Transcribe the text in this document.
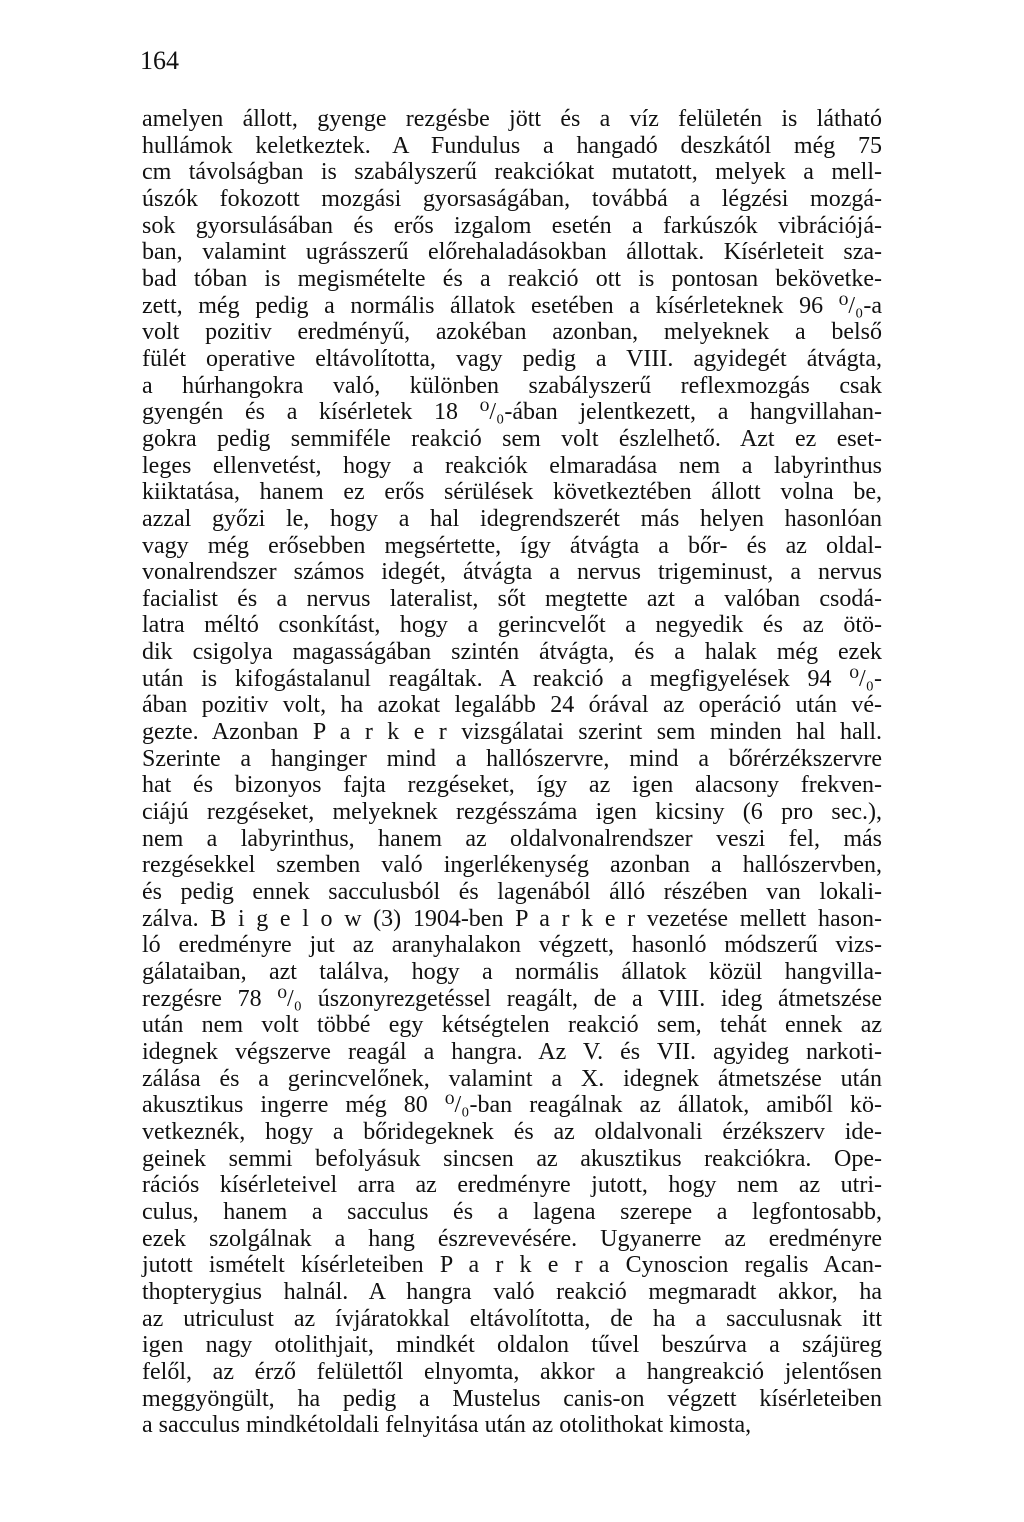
164
amelyen állott, gyenge rezgésbe jött és a víz felületén is látható
hullámok keletkeztek. A Fundulus a hangadó deszkától még 75
cm távolságban is szabályszerű reakciókat mutatott, melyek a mell-
úszók fokozott mozgási gyorsaságában, továbbá a légzési mozgá-
sok gyorsulásában és erős izgalom esetén a farkúszók vibrációjá-
ban, valamint ugrásszerű előrehaladásokban állottak. Kísérleteit sza-
bad tóban is megismételte és a reakció ott is pontosan bekövetke-
zett, még pedig a normális állatok esetében a kísérleteknek 96 ⁰/₀-a
volt pozitiv eredményű, azokéban azonban, melyeknek a belső
fülét operative eltávolította, vagy pedig a VIII. agyidegét átvágta,
a húrhangokra való, különben szabályszerű reflexmozgás csak
gyengén és a kísérletek 18 ⁰/₀-ában jelentkezett, a hangvillahan-
gokra pedig semmiféle reakció sem volt észlelhető. Azt ez eset-
leges ellenvetést, hogy a reakciók elmaradása nem a labyrinthus
kiiktatása, hanem ez erős sérülések következtében állott volna be,
azzal győzi le, hogy a hal idegrendszerét más helyen hasonlóan
vagy még erősebben megsértette, így átvágta a bőr- és az oldal-
vonalrendszer számos idegét, átvágta a nervus trigeminust, a nervus
facialist és a nervus lateralist, sőt megtette azt a valóban csodá-
latra méltó csonkítást, hogy a gerincvelőt a negyedik és az ötö-
dik csigolya magasságában szintén átvágta, és a halak még ezek
után is kifogástalanul reagáltak. A reakció a megfigyelések 94 ⁰/₀-
ában pozitiv volt, ha azokat legalább 24 órával az operáció után vé-
gezte. Azonban P a r k e r vizsgálatai szerint sem minden hal hall.
Szerinte a hanginger mind a hallószervre, mind a bőrérzékszervre
hat és bizonyos fajta rezgéseket, így az igen alacsony frekven-
ciájú rezgéseket, melyeknek rezgésszáma igen kicsiny (6 pro sec.),
nem a labyrinthus, hanem az oldalvonalrendszer veszi fel, más
rezgésekkel szemben való ingerlékenység azonban a hallószervben,
és pedig ennek sacculusból és lagenából álló részében van lokali-
zálva. B i g e l o w (3) 1904-ben P a r k e r vezetése mellett hason-
ló eredményre jut az aranyhalakon végzett, hasonló módszerű vizs-
gálataiban, azt találva, hogy a normális állatok közül hangvilla-
rezgésre 78 ⁰/₀ úszonyrezgetéssel reagált, de a VIII. ideg átmetszése
után nem volt többé egy kétségtelen reakció sem, tehát ennek az
idegnek végszerve reagál a hangra. Az V. és VII. agyideg narkoti-
zálása és a gerincvelőnek, valamint a X. idegnek átmetszése után
akusztikus ingerre még 80 ⁰/₀-ban reagálnak az állatok, amiből kö-
vetkeznék, hogy a bőridegeknek és az oldalvonali érzékszerv ide-
geinek semmi befolyásuk sincsen az akusztikus reakciókra. Ope-
rációs kísérleteivel arra az eredményre jutott, hogy nem az utri-
culus, hanem a sacculus és a lagena szerepe a legfontosabb,
ezek szolgálnak a hang észrevevésére. Ugyanerre az eredményre
jutott ismételt kísérleteiben P a r k e r a Cynoscion regalis Acan-
thopterygius halnál. A hangra való reakció megmaradt akkor, ha
az utriculust az ívjáratokkal eltávolította, de ha a sacculusnak itt
igen nagy otolithjait, mindkét oldalon tűvel beszúrva a szájüreg
felől, az érző felülettől elnyomta, akkor a hangreakció jelentősen
meggyöngült, ha pedig a Mustelus canis-on végzett kísérleteiben
a sacculus mindkétoldali felnyitása után az otolithokat kimosta,
